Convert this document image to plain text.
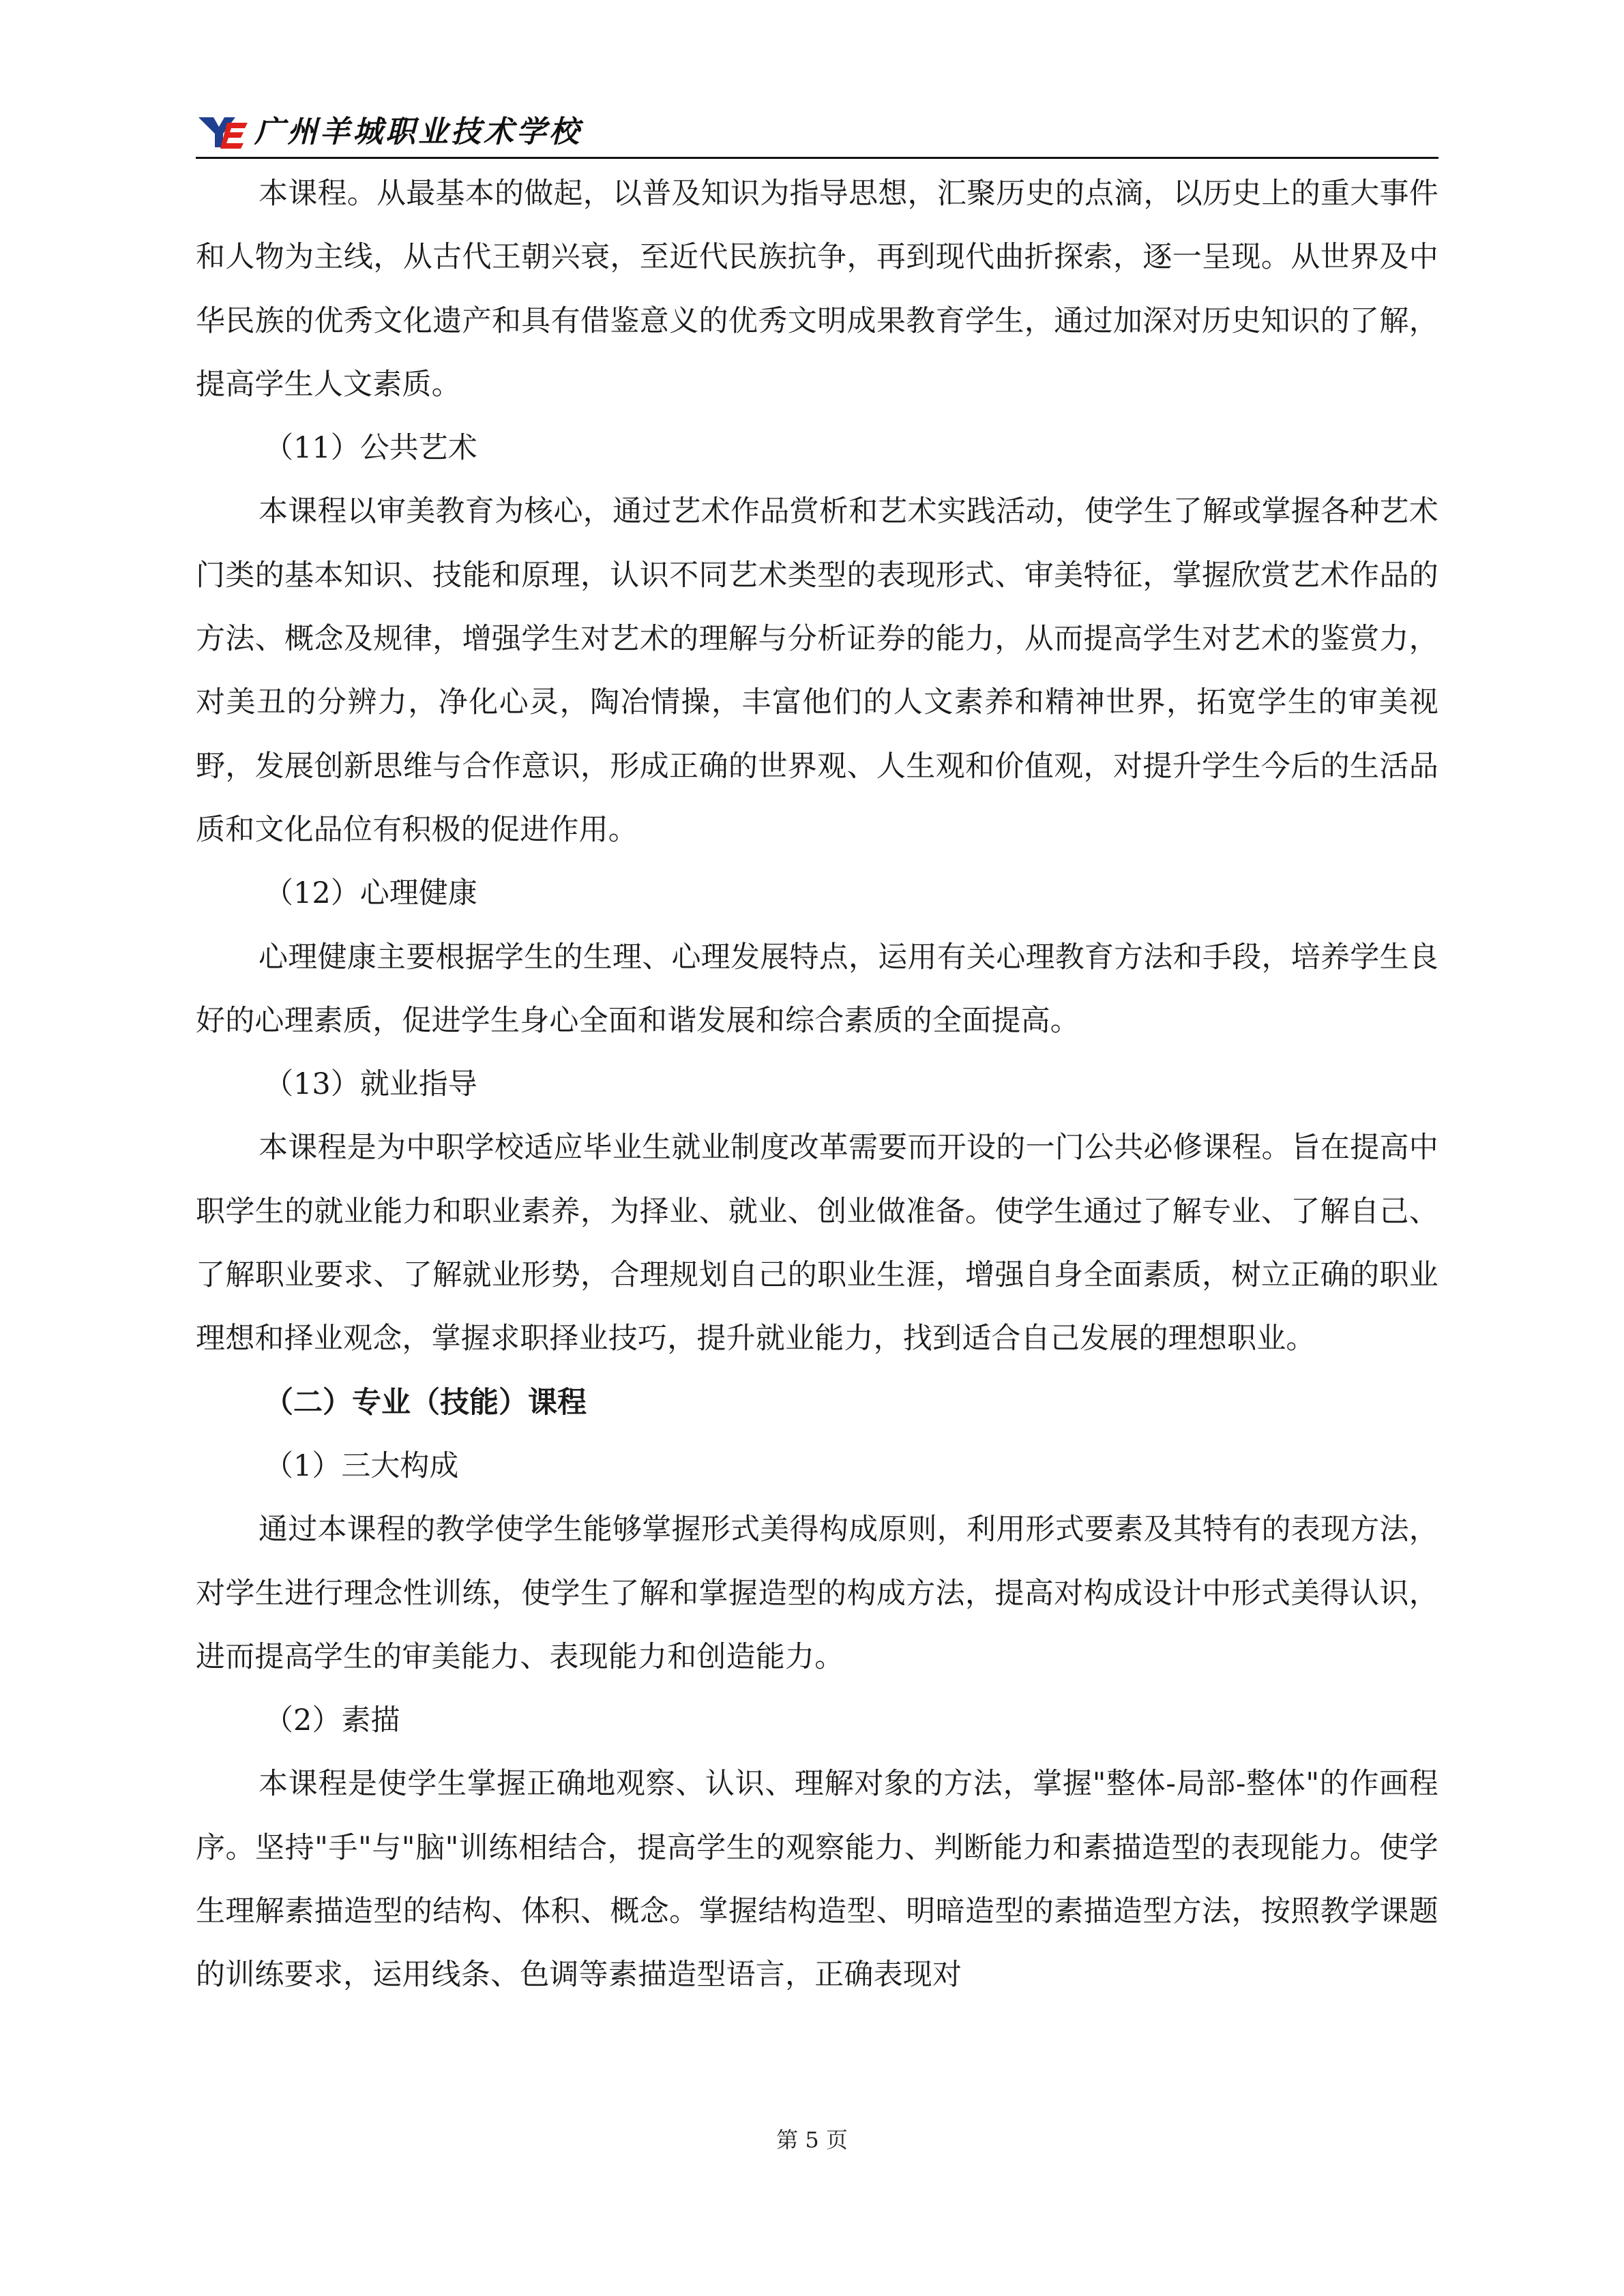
广州羊城职业技术学校

本课程。从最基本的做起，以普及知识为指导思想，汇聚历史的点滴，以历史上的重大事件和人物为主线，从古代王朝兴衰，至近代民族抗争，再到现代曲折探索，逐一呈现。从世界及中华民族的优秀文化遗产和具有借鉴意义的优秀文明成果教育学生，通过加深对历史知识的了解，提高学生人文素质。

（11）公共艺术

本课程以审美教育为核心，通过艺术作品赏析和艺术实践活动，使学生了解或掌握各种艺术门类的基本知识、技能和原理，认识不同艺术类型的表现形式、审美特征，掌握欣赏艺术作品的方法、概念及规律，增强学生对艺术的理解与分析证券的能力，从而提高学生对艺术的鉴赏力，对美丑的分辨力，净化心灵，陶冶情操，丰富他们的人文素养和精神世界，拓宽学生的审美视野，发展创新思维与合作意识，形成正确的世界观、人生观和价值观，对提升学生今后的生活品质和文化品位有积极的促进作用。

（12）心理健康

心理健康主要根据学生的生理、心理发展特点，运用有关心理教育方法和手段，培养学生良好的心理素质，促进学生身心全面和谐发展和综合素质的全面提高。

（13）就业指导

本课程是为中职学校适应毕业生就业制度改革需要而开设的一门公共必修课程。旨在提高中职学生的就业能力和职业素养，为择业、就业、创业做准备。使学生通过了解专业、了解自己、了解职业要求、了解就业形势，合理规划自己的职业生涯，增强自身全面素质，树立正确的职业理想和择业观念，掌握求职择业技巧，提升就业能力，找到适合自己发展的理想职业。

（二）专业（技能）课程

（1）三大构成

通过本课程的教学使学生能够掌握形式美得构成原则，利用形式要素及其特有的表现方法，对学生进行理念性训练，使学生了解和掌握造型的构成方法，提高对构成设计中形式美得认识，进而提高学生的审美能力、表现能力和创造能力。

（2）素描

本课程是使学生掌握正确地观察、认识、理解对象的方法，掌握"整体-局部-整体"的作画程序。坚持"手"与"脑"训练相结合，提高学生的观察能力、判断能力和素描造型的表现能力。使学生理解素描造型的结构、体积、概念。掌握结构造型、明暗造型的素描造型方法，按照教学课题的训练要求，运用线条、色调等素描造型语言，正确表现对

第 5 页
